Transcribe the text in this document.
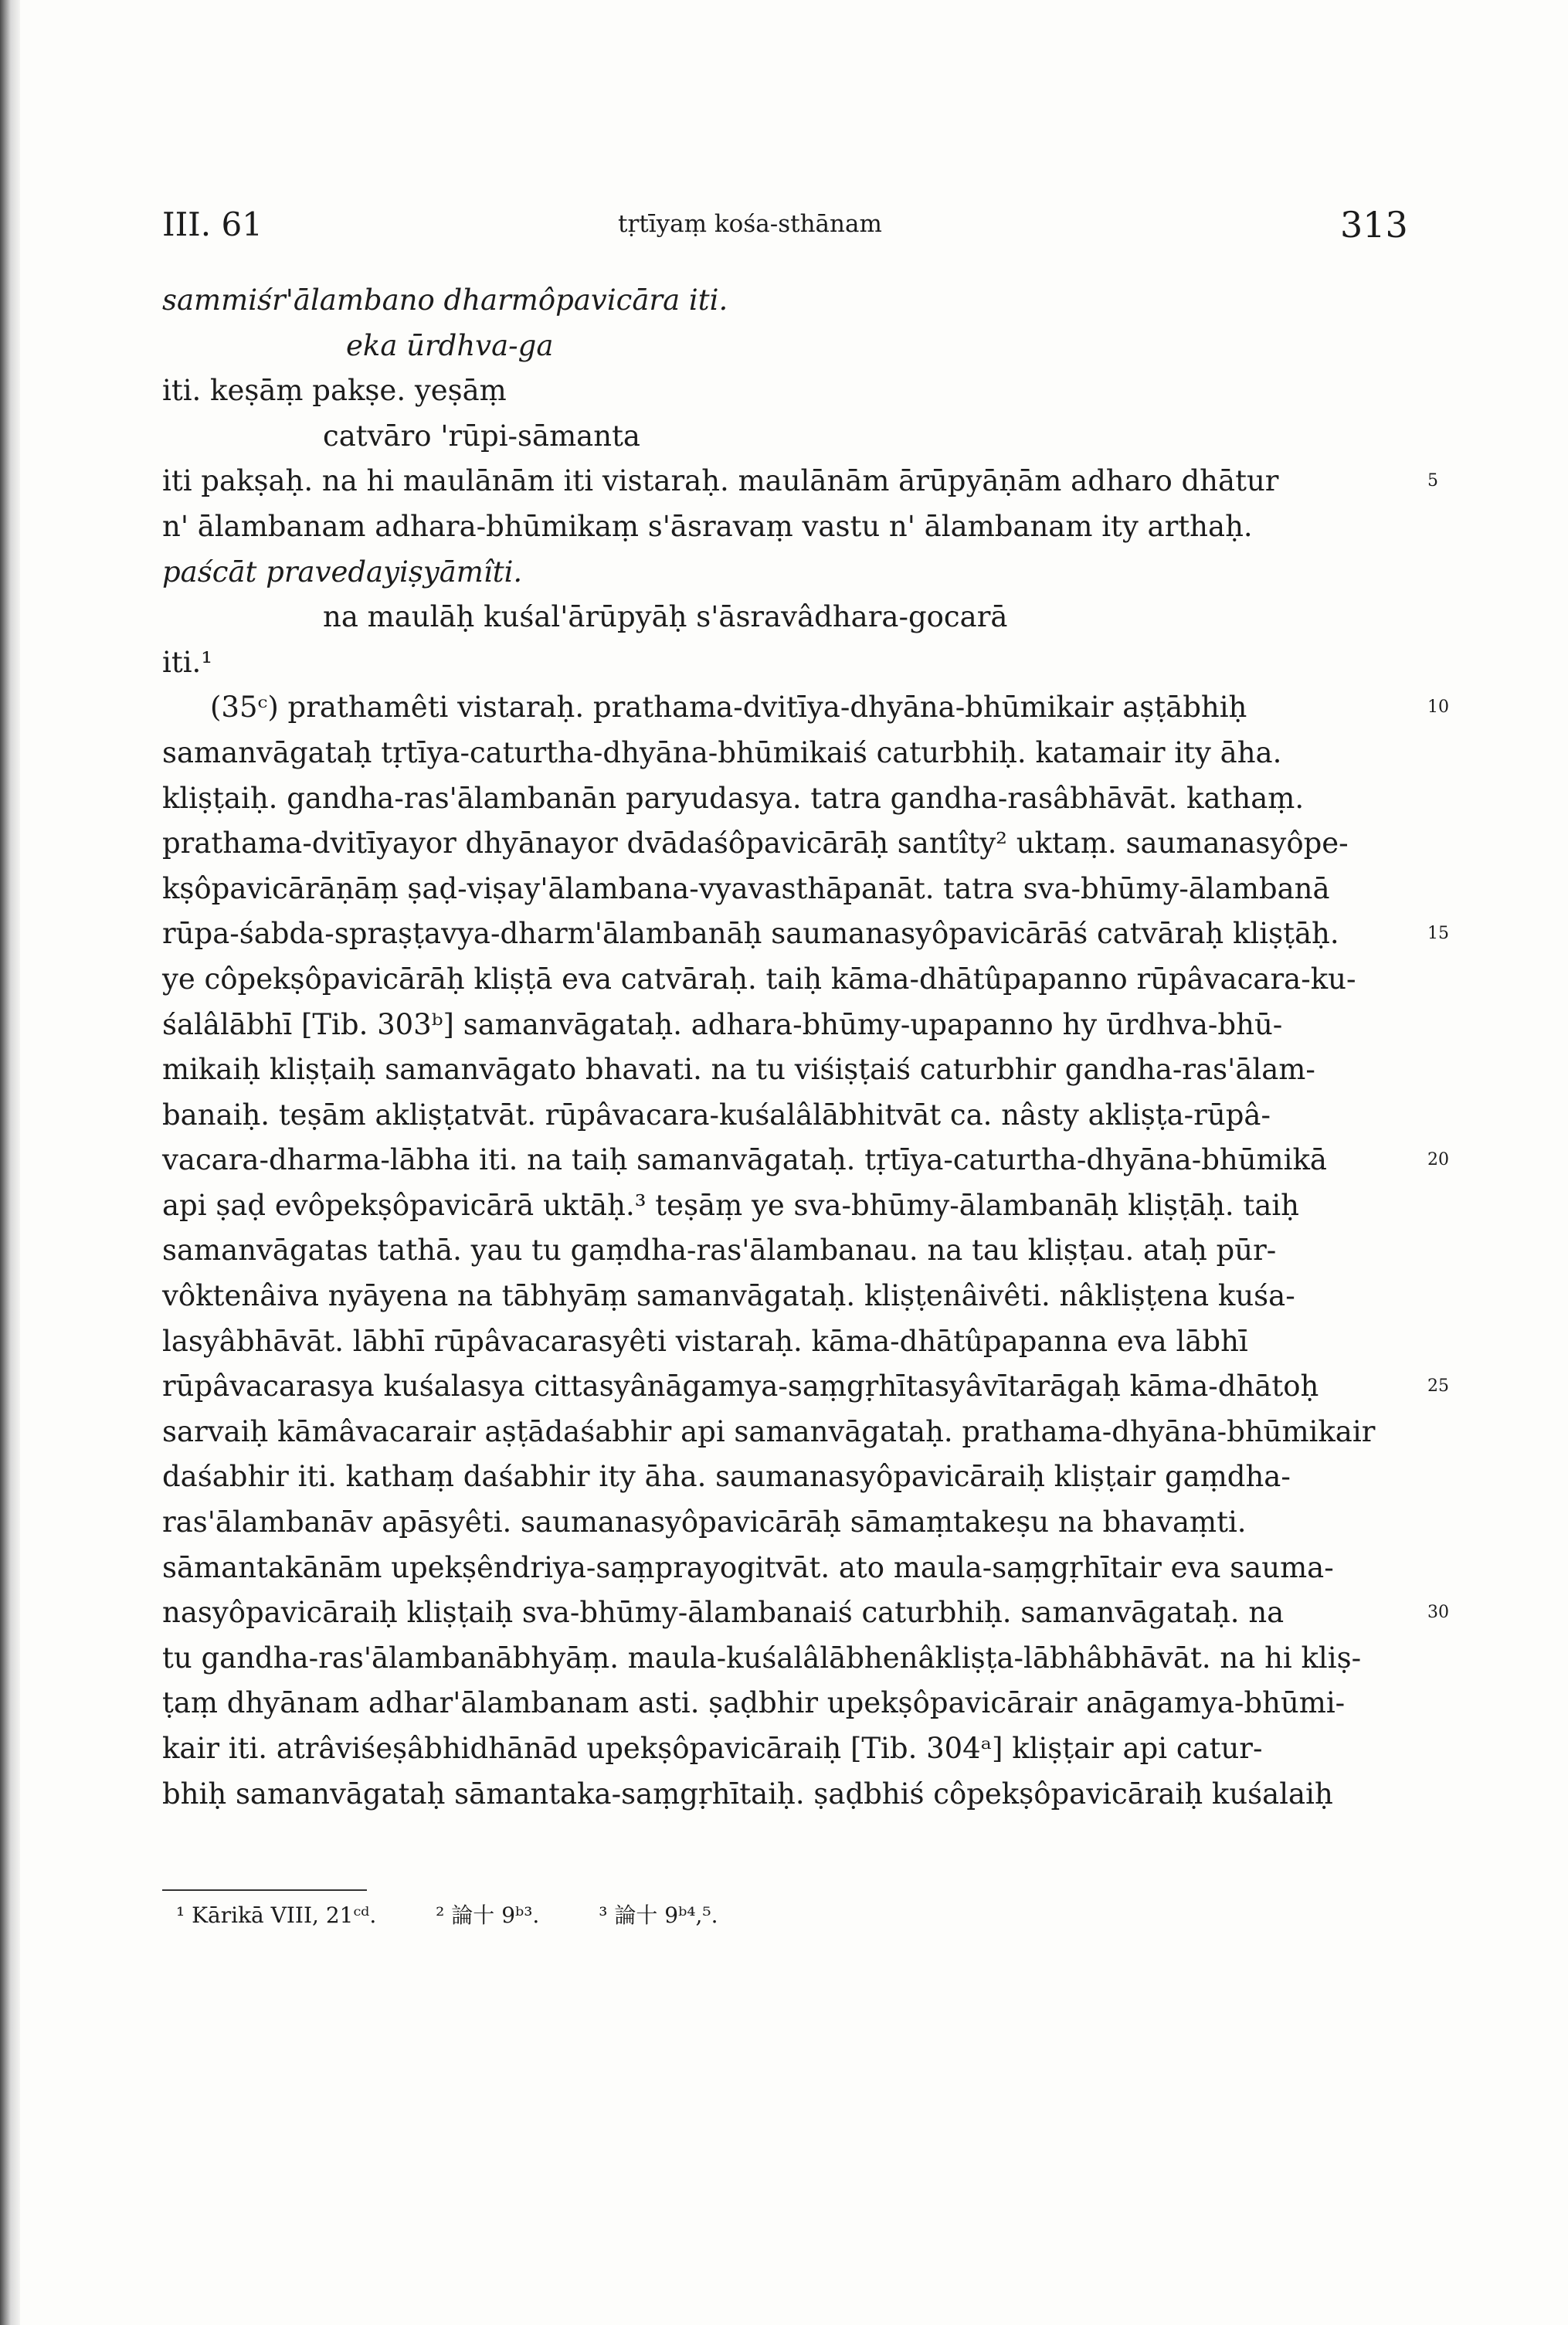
III. 61	tṛtīyaṃ kośa-sthānam	313
sammiśr'ālambano dharmôpavicāra iti.
eka ūrdhva-ga
iti. keṣāṃ pakṣe. yeṣāṃ
catvāro 'rūpi-sāmanta
iti pakṣaḥ. na hi maulānām iti vistaraḥ. maulānām ārūpyāṇām adharo dhātur	5
n' ālambanam adhara-bhūmikaṃ s'āsravaṃ vastu n' ālambanam ity arthaḥ.
paścāt pravedayiṣyāmîti.
na maulāḥ kuśal'ārūpyāḥ s'āsravâdhara-gocarā
iti.¹
(35ᶜ) prathamêti vistaraḥ. prathama-dvitīya-dhyāna-bhūmikair aṣṭābhiḥ	10
samanvāgataḥ tṛtīya-caturtha-dhyāna-bhūmikaiś caturbhiḥ. katamair ity āha.
kliṣṭaiḥ. gandha-ras'ālambanān paryudasya. tatra gandha-rasâbhāvāt. kathaṃ.
prathama-dvitīyayor dhyānayor dvādaśôpavicārāḥ santîty² uktaṃ. saumanasyôpe-
kṣôpavicārāṇāṃ ṣaḍ-viṣay'ālambana-vyavasthāpanāt. tatra sva-bhūmy-ālambanā
rūpa-śabda-spraṣṭavya-dharm'ālambanāḥ saumanasyôpavicārāś catvāraḥ kliṣṭāḥ.	15
ye côpekṣôpavicārāḥ kliṣṭā eva catvāraḥ. taiḥ kāma-dhātûpapanno rūpâvacara-ku-
śalâlābhī [Tib. 303ᵇ] samanvāgataḥ. adhara-bhūmy-upapanno hy ūrdhva-bhū-
mikaiḥ kliṣṭaiḥ samanvāgato bhavati. na tu viśiṣṭaiś caturbhir gandha-ras'ālam-
banaiḥ. teṣām akliṣṭatvāt. rūpâvacara-kuśalâlābhitvāt ca. nâsty akliṣṭa-rūpâ-
vacara-dharma-lābha iti. na taiḥ samanvāgataḥ. tṛtīya-caturtha-dhyāna-bhūmikā	20
api ṣaḍ evôpekṣôpavicārā uktāḥ.³ teṣāṃ ye sva-bhūmy-ālambanāḥ kliṣṭāḥ. taiḥ
samanvāgatas tathā. yau tu gaṃdha-ras'ālambanau. na tau kliṣṭau. ataḥ pūr-
vôktenâiva nyāyena na tābhyāṃ samanvāgataḥ. kliṣṭenâivêti. nâkliṣṭena kuśa-
lasyâbhāvāt. lābhī rūpâvacarasyêti vistaraḥ. kāma-dhātûpapanna eva lābhī
rūpâvacarasya kuśalasya cittasyânāgamya-saṃgṛhītasyâvītarāgaḥ kāma-dhātoḥ	25
sarvaiḥ kāmâvacarair aṣṭādaśabhir api samanvāgataḥ. prathama-dhyāna-bhūmikair
daśabhir iti. kathaṃ daśabhir ity āha. saumanasyôpavicāraiḥ kliṣṭair gaṃdha-
ras'ālambanāv apāsyêti. saumanasyôpavicārāḥ sāmaṃtakeṣu na bhavaṃti.
sāmantakānām upekṣêndriya-saṃprayogitvāt. ato maula-saṃgṛhītair eva sauma-
nasyôpavicāraiḥ kliṣṭaiḥ sva-bhūmy-ālambanaiś caturbhiḥ. samanvāgataḥ. na	30
tu gandha-ras'ālambanābhyāṃ. maula-kuśalâlābhenâkliṣṭa-lābhâbhāvāt. na hi kliṣ-
ṭaṃ dhyānam adhar'ālambanam asti. ṣaḍbhir upekṣôpavicārair anāgamya-bhūmi-
kair iti. atrâviśeṣâbhidhānād upekṣôpavicāraiḥ [Tib. 304ᵃ] kliṣṭair api catur-
bhiḥ samanvāgataḥ sāmantaka-saṃgṛhītaiḥ. ṣaḍbhiś côpekṣôpavicāraiḥ kuśalaiḥ
¹ Kārikā VIII, 21ᶜᵈ.	² 論十 9ᵇ³.	³ 論十 9ᵇ⁴,⁵.
